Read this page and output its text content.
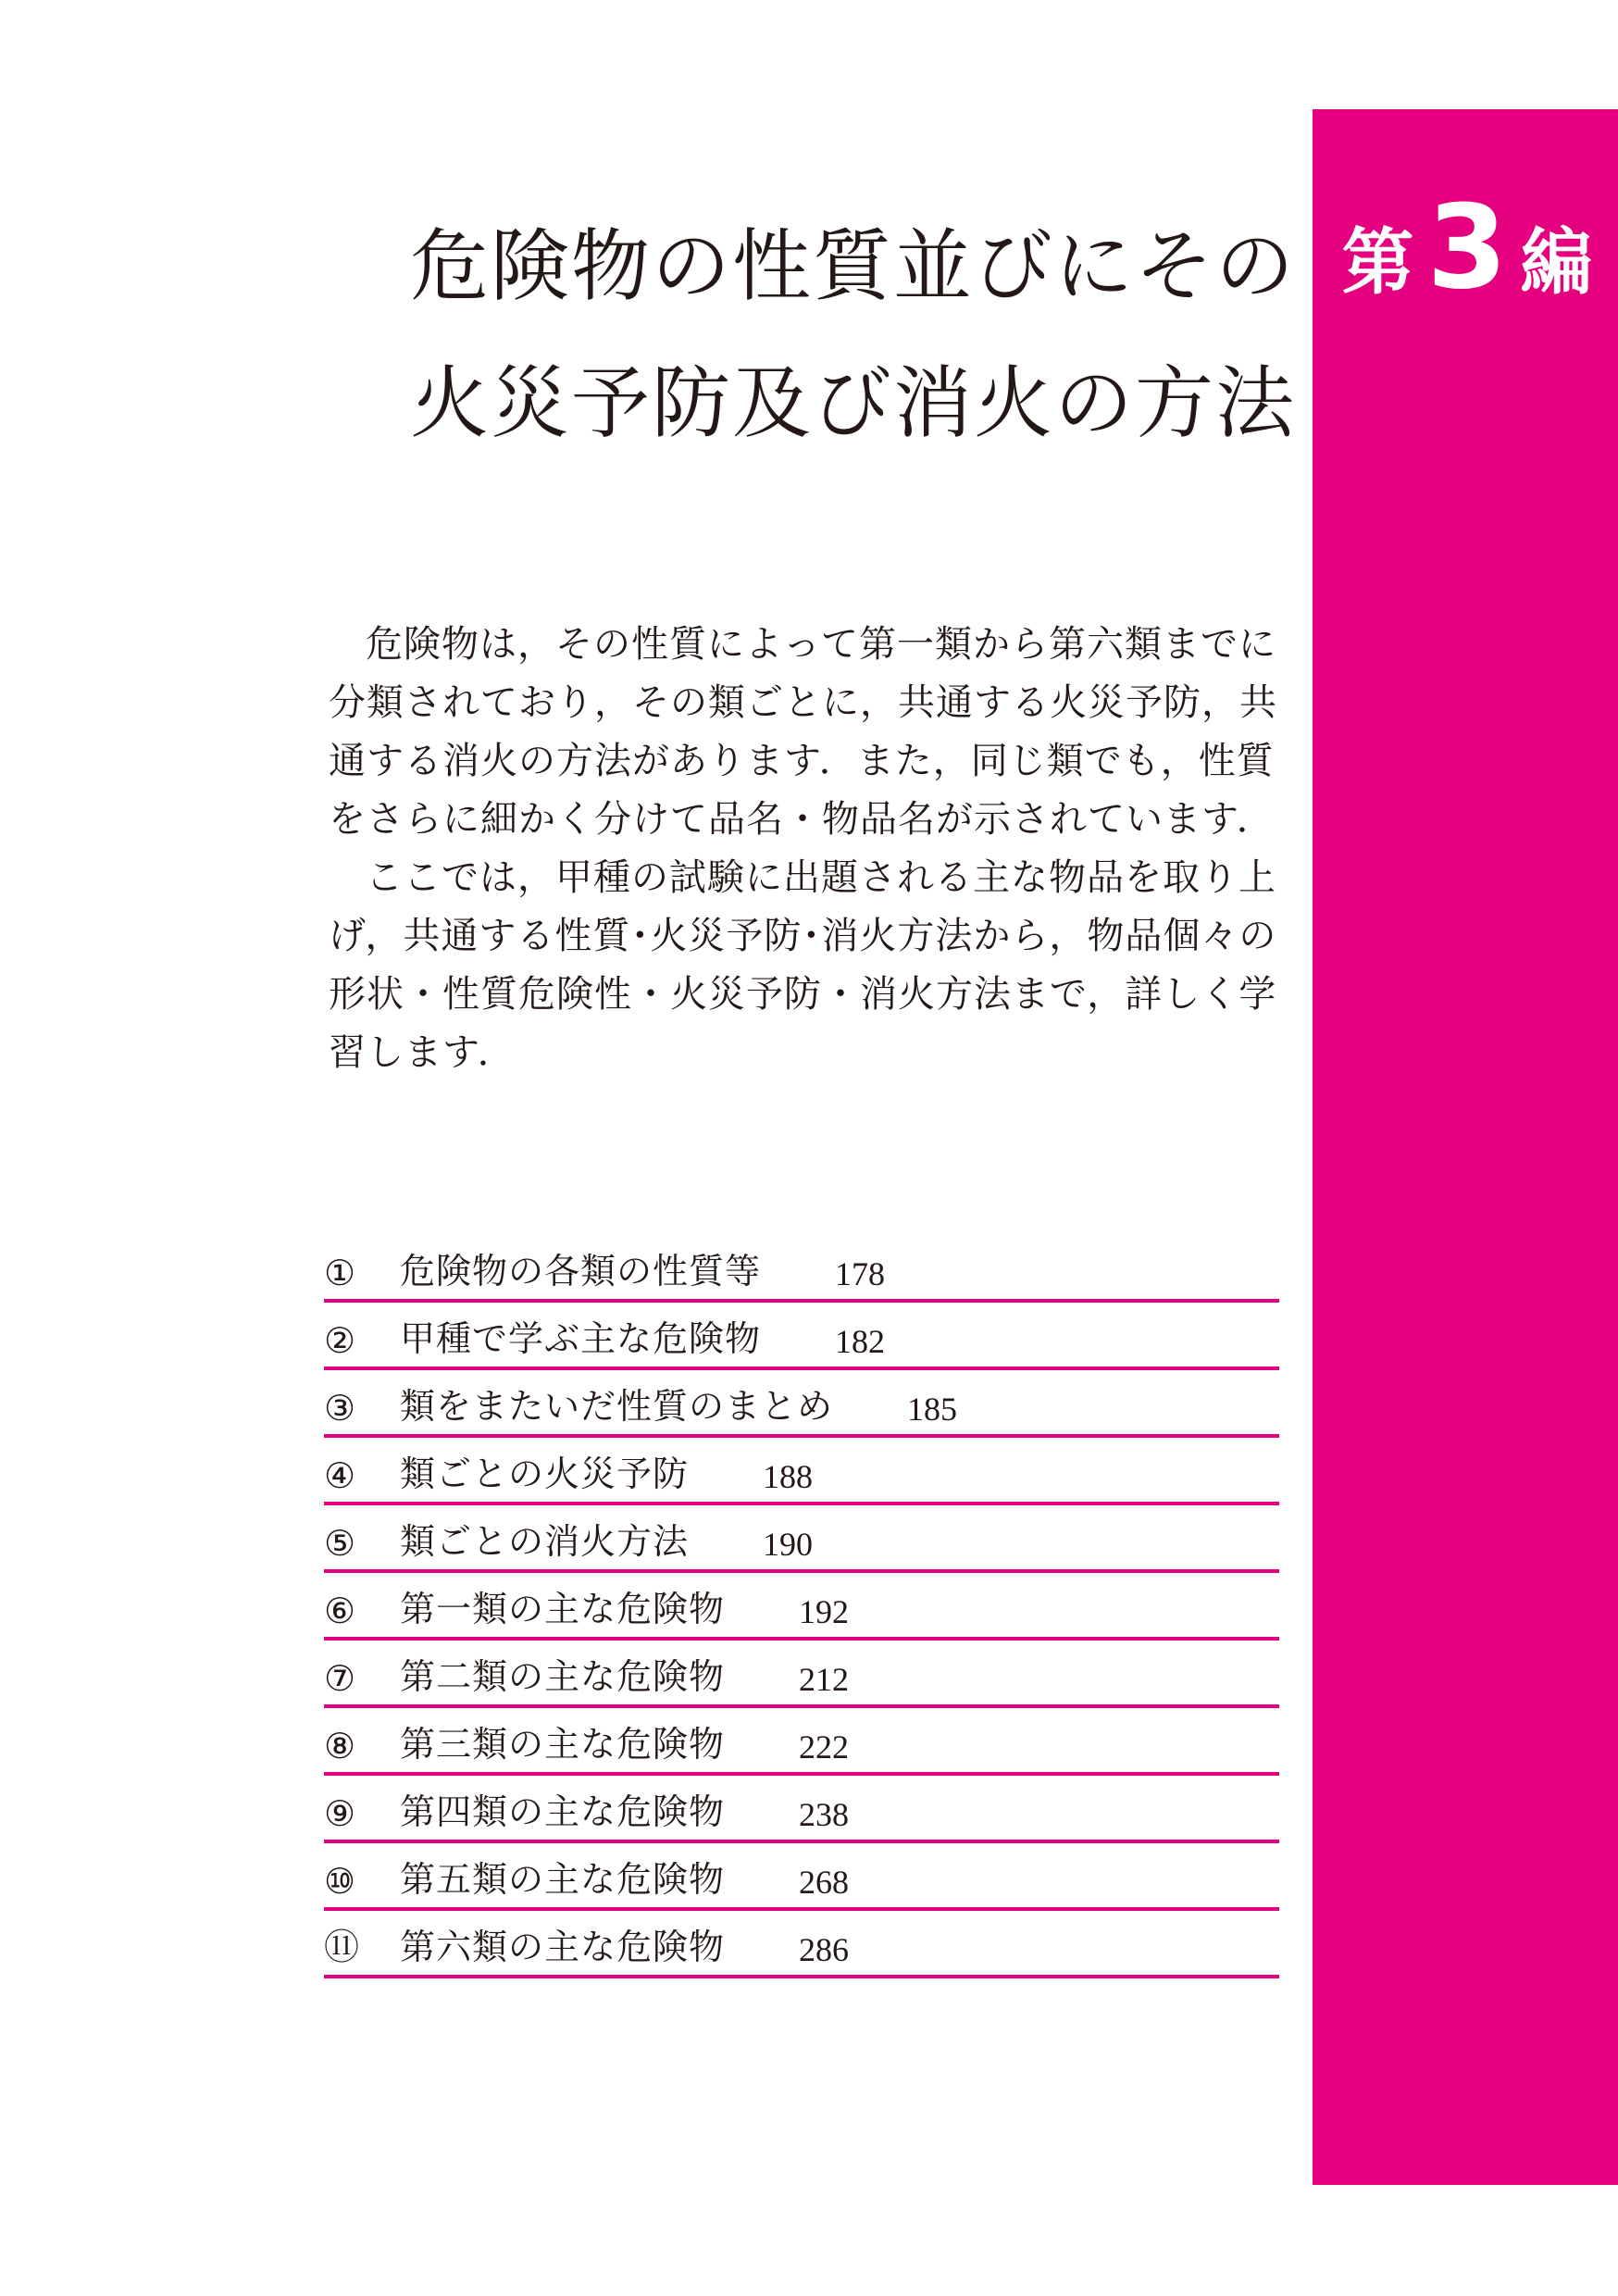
第 3 編
危険物の性質並びにその
火災予防及び消火の方法

危険物は，その性質によって第一類から第六類までに分類されており，その類ごとに，共通する火災予防，共通する消火の方法があります．また，同じ類でも，性質をさらに細かく分けて品名・物品名が示されています．

ここでは，甲種の試験に出題される主な物品を取り上げ，共通する性質･火災予防･消火方法から，物品個々の形状・性質危険性・火災予防・消火方法まで，詳しく学習します．

①	危険物の各類の性質等 178
②	甲種で学ぶ主な危険物 182
③	類をまたいだ性質のまとめ 185
④	類ごとの火災予防 188
⑤	類ごとの消火方法 190
⑥	第一類の主な危険物 192
⑦	第二類の主な危険物 212
⑧	第三類の主な危険物 222
⑨	第四類の主な危険物 238
⑩	第五類の主な危険物 268
⑪	第六類の主な危険物 286
